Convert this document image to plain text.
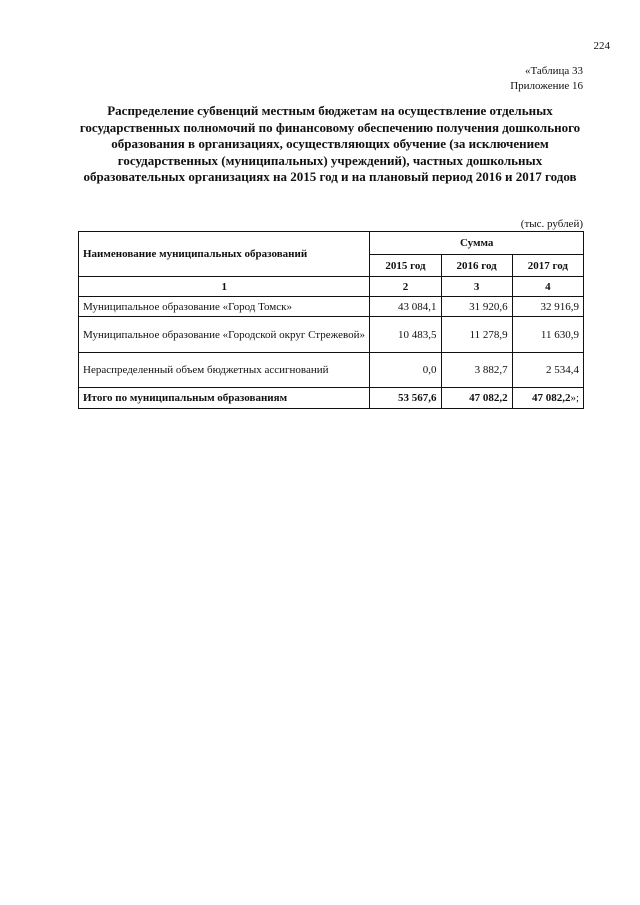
224
«Таблица 33
Приложение 16
Распределение субвенций местным бюджетам на осуществление отдельных государственных полномочий по финансовому обеспечению получения дошкольного образования в организациях, осуществляющих обучение (за исключением государственных (муниципальных) учреждений), частных дошкольных образовательных организациях на 2015 год и на плановый период 2016 и 2017 годов
(тыс. рублей)
Наименование муниципальных образований	Сумма		
	2015 год	2016 год	2017 год
1	2	3	4
Муниципальное образование «Город Томск»	43 084,1	31 920,6	32 916,9
Муниципальное образование «Городской округ Стрежевой»	10 483,5	11 278,9	11 630,9
Нераспределенный объем бюджетных ассигнований	0,0	3 882,7	2 534,4
Итого по муниципальным образованиям	53 567,6	47 082,2	47 082,2»;
